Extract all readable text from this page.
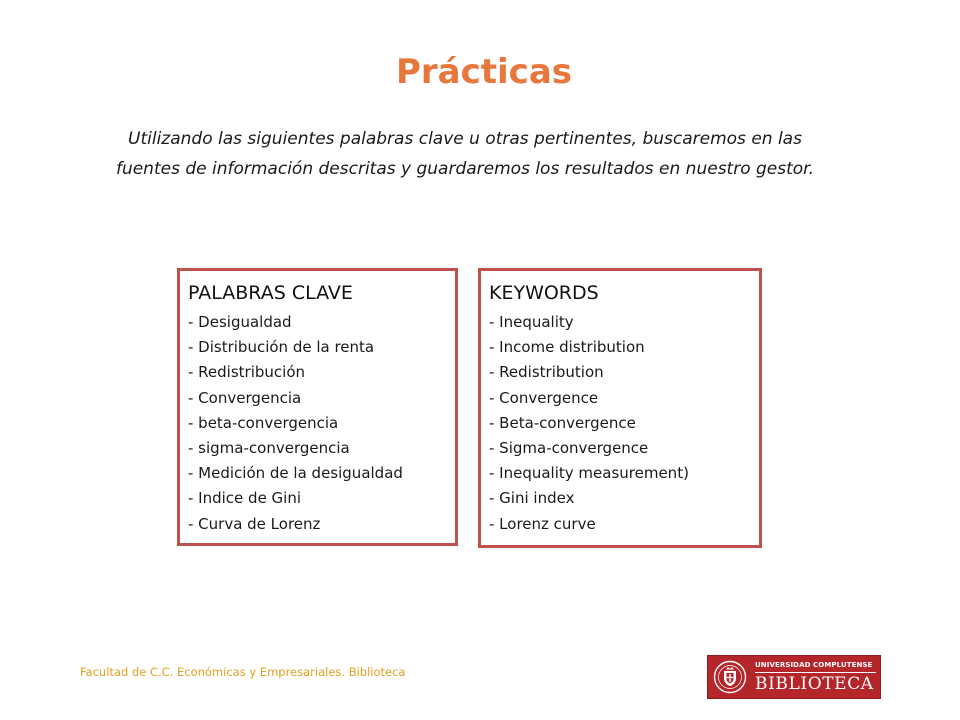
Prácticas

Utilizando las siguientes palabras clave u otras pertinentes, buscaremos en las fuentes de información descritas y guardaremos los resultados en nuestro gestor.

PALABRAS CLAVE
- Desigualdad
- Distribución de la renta
- Redistribución
- Convergencia
- beta-convergencia
- sigma-convergencia
- Medición de la desigualdad
- Indice de Gini
- Curva de Lorenz
KEYWORDS
- Inequality
- Income distribution
- Redistribution
- Convergence
- Beta-convergence
- Sigma-convergence
- Inequality measurement)
- Gini index
- Lorenz curve

Facultad de C.C. Económicas y Empresariales. Biblioteca	UNIVERSIDAD COMPLUTENSE
BIBLIOTECA
